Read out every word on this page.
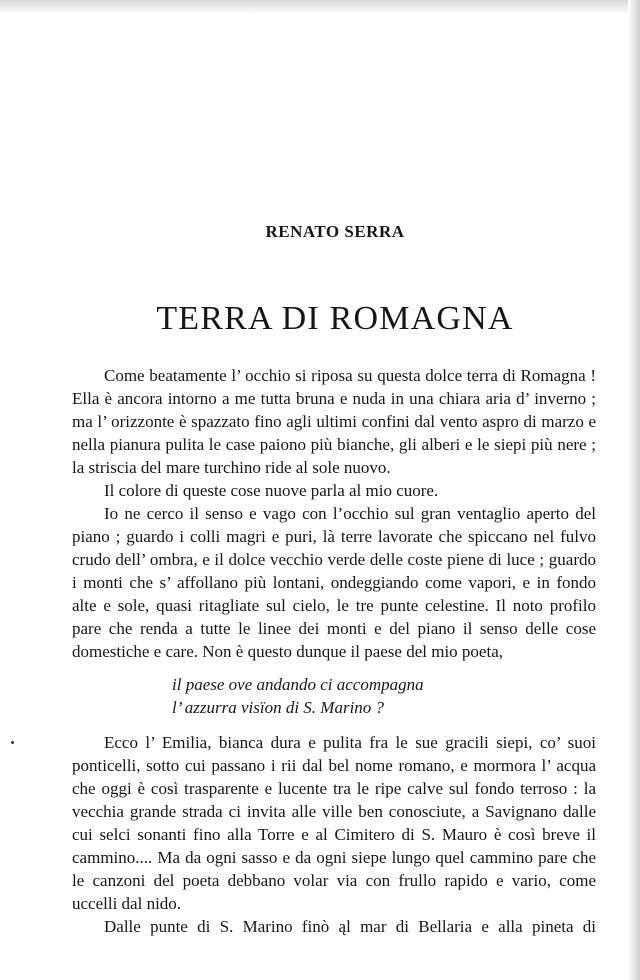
RENATO SERRA
TERRA DI ROMAGNA

Come beatamente l’ occhio si riposa su questa dolce terra di Romagna ! Ella è ancora intorno a me tutta bruna e nuda in una chiara aria d’ inverno ; ma l’ orizzonte è spazzato fino agli ultimi confini dal vento aspro di marzo e nella pianura pulita le case paiono più bianche, gli alberi e le siepi più nere ; la striscia del mare turchino ride al sole nuovo.

Il colore di queste cose nuove parla al mio cuore.

Io ne cerco il senso e vago con l’occhio sul gran ventaglio aperto del piano ; guardo i colli magri e puri, là terre lavorate che spiccano nel fulvo crudo dell’ ombra, e il dolce vecchio verde delle coste piene di luce ; guardo i monti che s’ affollano più lontani, ondeggiando come vapori, e in fondo alte e sole, quasi ritagliate sul cielo, le tre punte celestine. Il noto profilo pare che renda a tutte le linee dei monti e del piano il senso delle cose domestiche e care. Non è questo dunque il paese del mio poeta,

il paese ove andando ci accompagna
l’ azzurra visïon di S. Marino ?

Ecco l’ Emilia, bianca dura e pulita fra le sue gracili siepi, co’ suoi ponticelli, sotto cui passano i rii dal bel nome romano, e mormora l’ acqua che oggi è così trasparente e lucente tra le ripe calve sul fondo terroso : la vecchia grande strada ci invita alle ville ben conosciute, a Savignano dalle cui selci sonanti fino alla Torre e al Cimitero di S. Mauro è così breve il cammino.... Ma da ogni sasso e da ogni siepe lungo quel cammino pare che le canzoni del poeta debbano volar via con frullo rapido e vario, come uccelli dal nido.

Dalle punte di S. Marino finò ąl mar di Bellaria e alla pineta di
